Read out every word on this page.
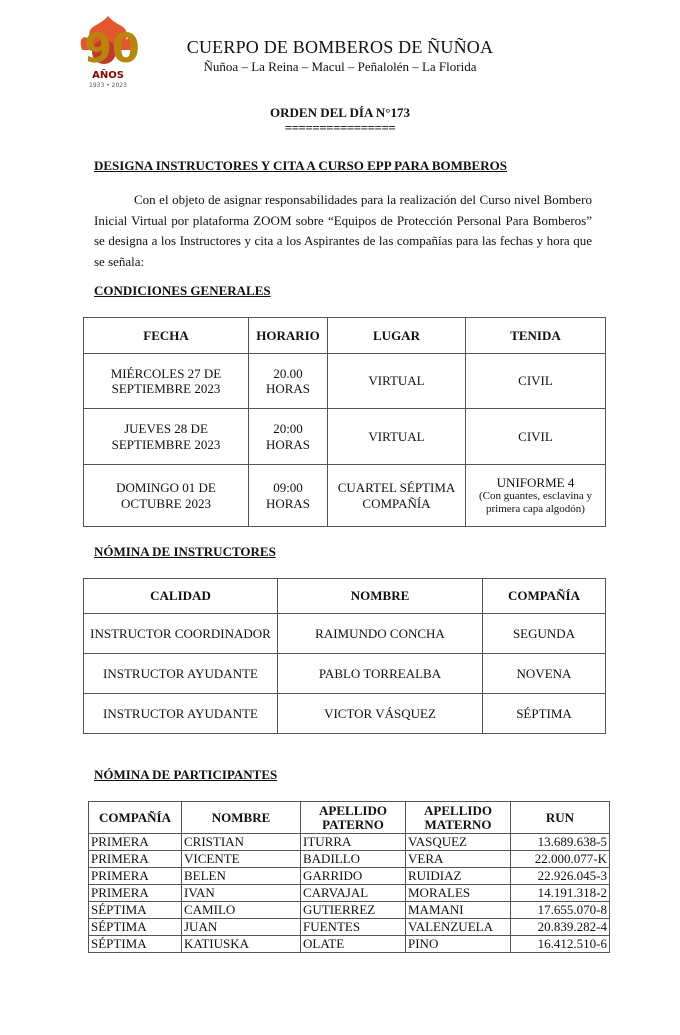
90
AÑOS
1933 • 2023
CUERPO DE BOMBEROS DE ÑUÑOA
Ñuñoa – La Reina – Macul – Peñalolén – La Florida
ORDEN DEL DÍA N°173
================
DESIGNA INSTRUCTORES Y CITA A CURSO EPP PARA BOMBEROS

Con el objeto de asignar responsabilidades para la realización del Curso nivel Bombero Inicial Virtual por plataforma ZOOM sobre “Equipos de Protección Personal Para Bomberos” se designa a los Instructores y cita a los Aspirantes de las compañías para las fechas y hora que se señala:

CONDICIONES GENERALES
FECHA	HORARIO	LUGAR	TENIDA
MIÉRCOLES 27 DE SEPTIEMBRE 2023	20.00 HORAS	VIRTUAL	CIVIL
JUEVES 28 DE SEPTIEMBRE 2023	20:00 HORAS	VIRTUAL	CIVIL
DOMINGO 01 DE OCTUBRE 2023	09:00 HORAS	CUARTEL SÉPTIMA COMPAÑÍA	UNIFORME 4
(Con guantes, esclavina y primera capa algodón)
NÓMINA DE INSTRUCTORES
CALIDAD	NOMBRE	COMPAÑÍA
INSTRUCTOR COORDINADOR	RAIMUNDO CONCHA	SEGUNDA
INSTRUCTOR AYUDANTE	PABLO TORREALBA	NOVENA
INSTRUCTOR AYUDANTE	VICTOR VÁSQUEZ	SÉPTIMA
NÓMINA DE PARTICIPANTES
COMPAÑÍA	NOMBRE	APELLIDO PATERNO	APELLIDO MATERNO	RUN
PRIMERA	CRISTIAN	ITURRA	VASQUEZ	13.689.638-5
PRIMERA	VICENTE	BADILLO	VERA	22.000.077-K
PRIMERA	BELEN	GARRIDO	RUIDIAZ	22.926.045-3
PRIMERA	IVAN	CARVAJAL	MORALES	14.191.318-2
SÉPTIMA	CAMILO	GUTIERREZ	MAMANI	17.655.070-8
SÉPTIMA	JUAN	FUENTES	VALENZUELA	20.839.282-4
SÉPTIMA	KATIUSKA	OLATE	PINO	16.412.510-6
